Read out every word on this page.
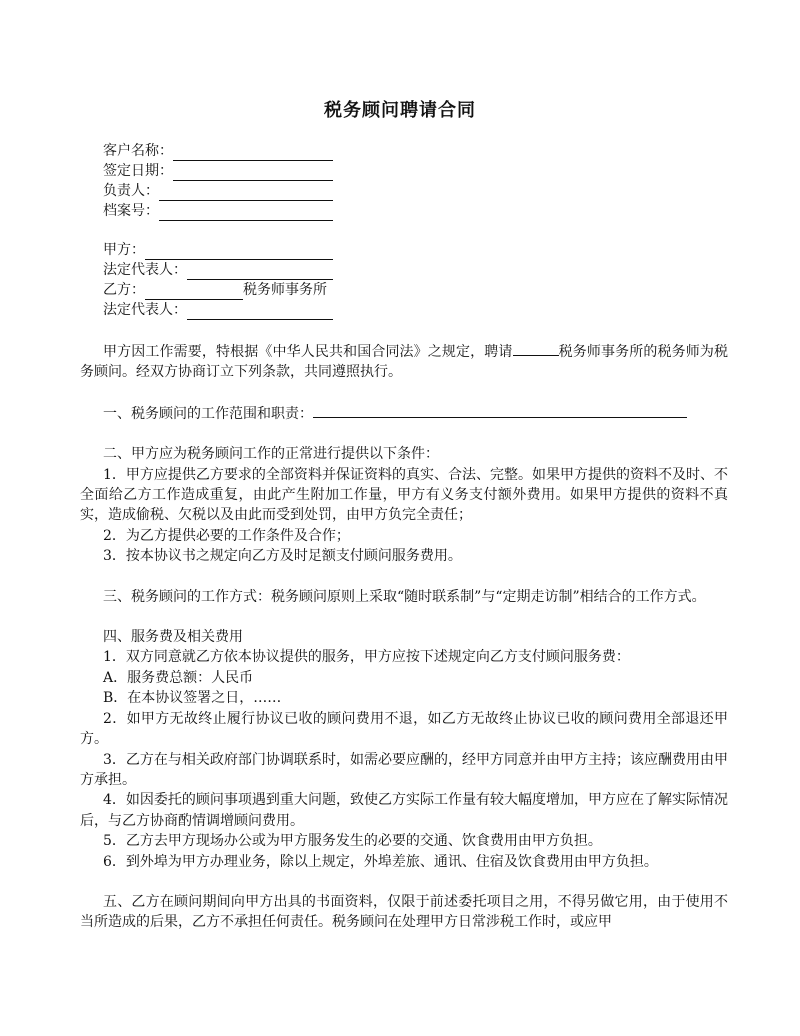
税务顾问聘请合同
客户名称：
签定日期：
负责人：
档案号：
甲方：
法定代表人：
乙方：	税务师事务所
法定代表人：

甲方因工作需要，特根据《中华人民共和国合同法》之规定，聘请	税务师事务所的税务师为税务顾问。经双方协商订立下列条款，共同遵照执行。

一、税务顾问的工作范围和职责：

二、甲方应为税务顾问工作的正常进行提供以下条件：

1．甲方应提供乙方要求的全部资料并保证资料的真实、合法、完整。如果甲方提供的资料不及时、不全面给乙方工作造成重复，由此产生附加工作量，甲方有义务支付额外费用。如果甲方提供的资料不真实，造成偷税、欠税以及由此而受到处罚，由甲方负完全责任；

2．为乙方提供必要的工作条件及合作；

3．按本协议书之规定向乙方及时足额支付顾问服务费用。

三、税务顾问的工作方式：税务顾问原则上采取“随时联系制”与“定期走访制”相结合的工作方式。

四、服务费及相关费用

1．双方同意就乙方依本协议提供的服务，甲方应按下述规定向乙方支付顾问服务费：

A．服务费总额：人民币

B．在本协议签署之日，……

2．如甲方无故终止履行协议已收的顾问费用不退，如乙方无故终止协议已收的顾问费用全部退还甲方。

3．乙方在与相关政府部门协调联系时，如需必要应酬的，经甲方同意并由甲方主持；该应酬费用由甲方承担。

4．如因委托的顾问事项遇到重大问题，致使乙方实际工作量有较大幅度增加，甲方应在了解实际情况后，与乙方协商酌情调增顾问费用。

5．乙方去甲方现场办公或为甲方服务发生的必要的交通、饮食费用由甲方负担。

6．到外埠为甲方办理业务，除以上规定，外埠差旅、通讯、住宿及饮食费用由甲方负担。

五、乙方在顾问期间向甲方出具的书面资料，仅限于前述委托项目之用，不得另做它用，由于使用不当所造成的后果，乙方不承担任何责任。税务顾问在处理甲方日常涉税工作时，或应甲
